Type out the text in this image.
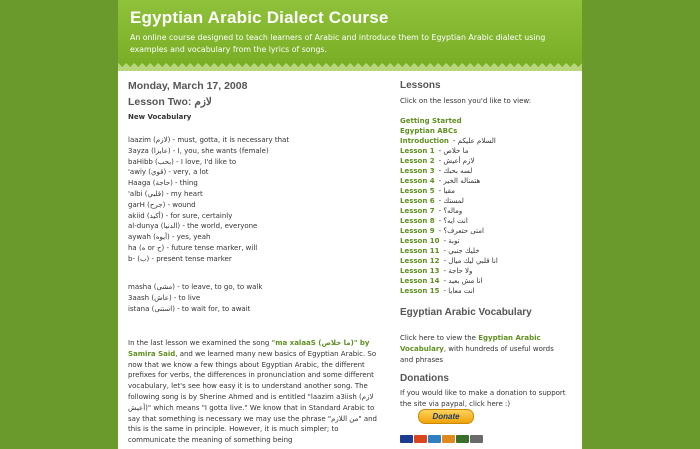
Egyptian Arabic Dialect Course
An online course designed to teach learners of Arabic and introduce them to Egyptian Arabic dialect using examples and vocabulary from the lyrics of songs.
Monday, March 17, 2008
Lesson Two: لازم
New Vocabulary
laazim (لازم) - must, gotta, it is necessary that
3ayza (عايزا) - I, you, she wants (female)
baHibb (بحب) - I love, I'd like to
'awiy (قوي) - very, a lot
Haaga (حاجة) - thing
'albi (قلبي) - my heart
garH (جرح) - wound
akiid (أكيد) - for sure, certainly
al-dunya (الدنيا) - the world, everyone
aywah (أيوه) - yes, yeah
ha (ه or ح) - future tense marker, will
b- (ب) - present tense marker
masha (مشى) - to leave, to go, to walk
3aash (عاش) - to live
istana (استنى) - to wait for, to await

In the last lesson we examined the song "ma xalaaS (ما خلاص)" by Samira Said, and we learned many new basics of Egyptian Arabic. So now that we know a few things about Egyptian Arabic, the different prefixes for verbs, the differences in pronunciation and some different vocabulary, let's see how easy it is to understand another song. The following song is by Sherine Ahmed and is entitled "laazim a3iish (لازم أعيش)" which means "I gotta live." We know that in Standard Arabic to say that something is necessary we may use the phrase "من اللازم" and this is the same in principle. However, it is much simpler; to communicate the meaning of something being

Lessons

Click on the lesson you'd like to view:

Getting Started
Egyptian ABCs
Introduction - السلام عليكم
Lesson 1 - ما خلاص
Lesson 2 - لازم أعيش
Lesson 3 - لسه بحبك
Lesson 4 - هتمناله الخير
Lesson 5 - مقيا
Lesson 6 - لمستك
Lesson 7 - وماله؟
Lesson 8 - انت ايه؟
Lesson 9 - امتى حتعرف؟
Lesson 10 - توبة
Lesson 11 - خليك جنبي
Lesson 12 - انا قلبي ليك ميال
Lesson 13 - ولا حاجة
Lesson 14 - انا مش بعيد
Lesson 15 - انت معايا
Egyptian Arabic Vocabulary

Click here to view the Egyptian Arabic Vocabulary, with hundreds of useful words and phrases

Donations

If you would like to make a donation to support the site via paypal, click here :)

Donate
